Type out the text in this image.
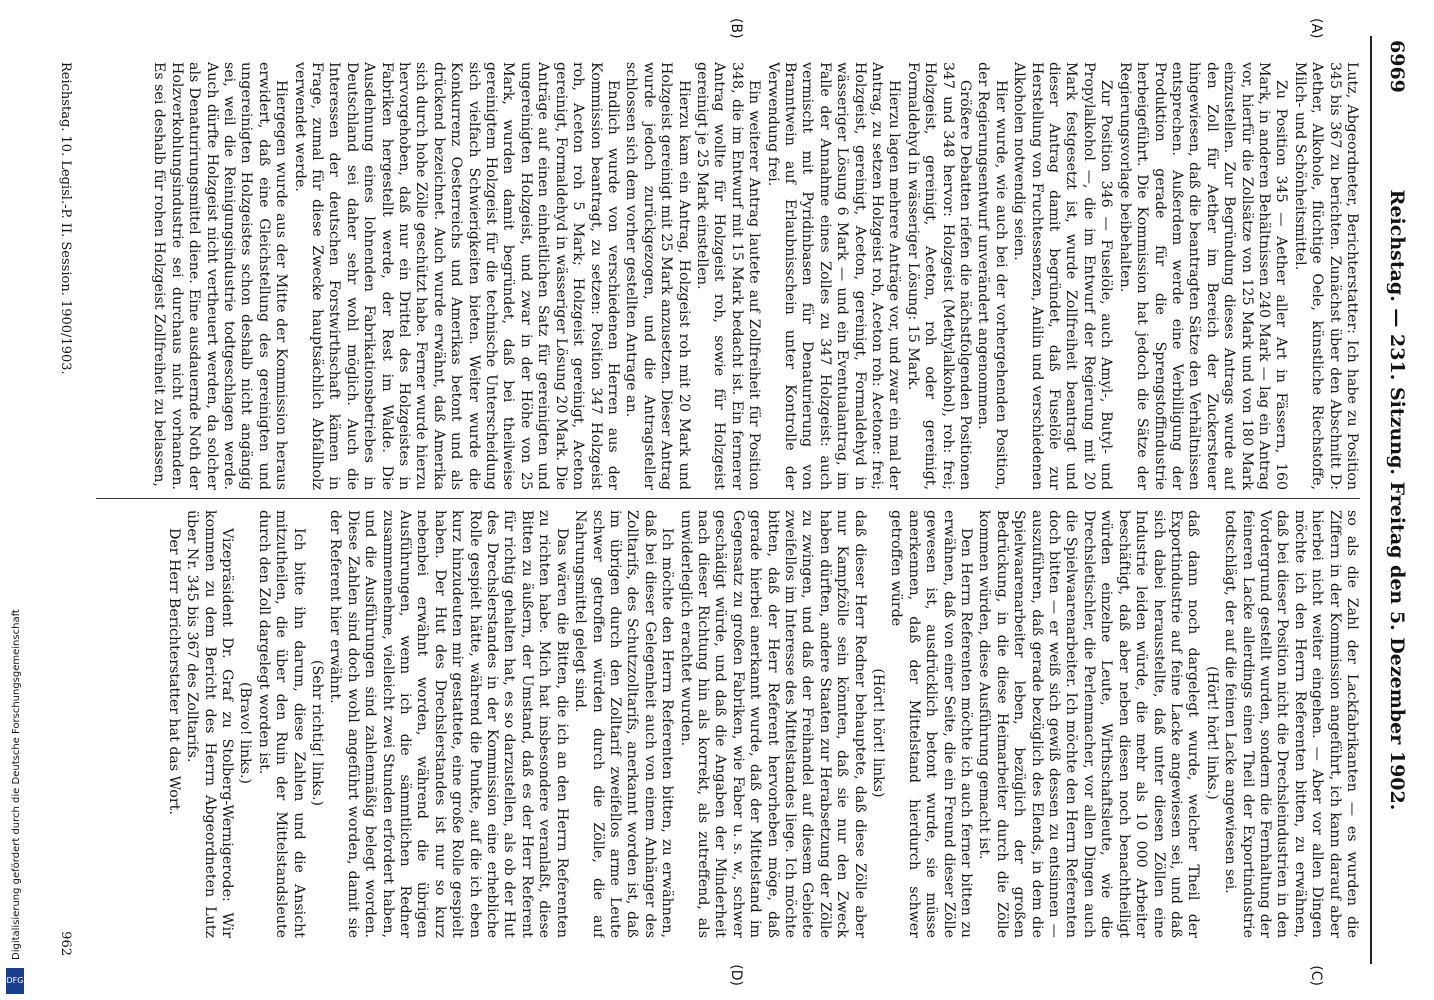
DFG
Digitalisierung gefördert durch die Deutsche Forschungsgemeinschaft
6969
Reichstag. — 231. Sitzung. Freitag den 5. Dezember 1902.
(A)
(B)
(C)
(D)

Lutz, Abgeordneter, Berichterstatter: Ich habe zu Position 345 bis 367 zu berichten. Zunächst über den Abschnitt D: Aether, Alkohole, flüchtige Oele, künstliche Riechstoffe, Milch- und Schönheitsmittel.

Zu Position 345 — Aether aller Art in Fässern, 160 Mark, in anderen Behältnissen 240 Mark — lag ein Antrag vor, hierfür die Zollsätze von 125 Mark und von 180 Mark einzustellen. Zur Begründung dieses Antrags wurde auf den Zoll für Aether im Bereich der Zuckersteuer hingewiesen, daß die beantragten Sätze den Verhältnissen entsprechen. Außerdem werde eine Verbilligung der Produktion gerade für die Sprengstoffindustrie herbeigeführt. Die Kommission hat jedoch die Sätze der Regierungsvorlage beibehalten.

Zur Position 346 — Fuselöle, auch Amyl-, Butyl- und Propylalkohol —, die im Entwurf der Regierung mit 20 Mark festgesetzt ist, wurde Zollfreiheit beantragt und dieser Antrag damit begründet, daß Fuselöle zur Herstellung von Fruchtessenzen, Anilin und verschiedenen Alkoholen notwendig seien.

Hier wurde, wie auch bei der vorhergehenden Position, der Regierungsentwurf unverändert angenommen.

Größere Debatten riefen die nächstfolgenden Positionen 347 und 348 hervor: Holzgeist (Methylalkohol), roh: frei; Holzgeist, gereinigt, Aceton, roh oder gereinigt, Formaldehyd in wässeriger Lösung: 15 Mark.

Hierzu lagen mehrere Anträge vor, und zwar ein mal der Antrag, zu setzen Holzgeist roh, Aceton roh: Acetone: frei; Holzgeist, gereinigt, Aceton, gereinigt, Formaldehyd in wässeriger Lösung 6 Mark — und ein Eventualantrag, im Falle der Annahme eines Zolles zu 347 Holzgeist: auch vermischt mit Pyridinbasen für Denaturierung von Branntwein auf Erlaubnisschein unter Kontrolle der Verwendung frei.

Ein weiterer Antrag lautete auf Zollfreiheit für Position 348, die im Entwurf mit 15 Mark bedacht ist. Ein fernerer Antrag wollte für Holzgeist roh, sowie für Holzgeist gereinigt je 25 Mark einstellen.

Hierzu kam ein Antrag, Holzgeist roh mit 20 Mark und Holzgeist gereinigt mit 25 Mark anzusetzen. Dieser Antrag wurde jedoch zurückgezogen, und die Antragsteller schlossen sich dem vorher gestellten Antrage an.

Endlich wurde von verschiedenen Herren aus der Kommission beantragt, zu setzen: Position 347 Holzgeist roh, Aceton roh 5 Mark; Holzgeist gereinigt, Aceton gereinigt, Formaldehyd in wässeriger Lösung 20 Mark. Die Anträge auf einen einheitlichen Satz für gereinigten und ungereinigten Holzgeist, und zwar in der Höhe von 25 Mark, wurden damit begründet, daß bei theilweise gereinigtem Holzgeist für die technische Unterscheidung sich vielfach Schwierigkeiten bieten. Weiter wurde die Konkurrenz Oesterreichs und Amerikas betont und als drückend bezeichnet. Auch wurde erwähnt, daß Amerika sich durch hohe Zölle geschützt habe. Ferner wurde hierzu hervorgehoben, daß nur ein Drittel des Holzgeistes in Fabriken hergestellt werde, der Rest im Walde. Die Ausdehnung eines lohnenden Fabrikationsbetriebes in Deutschland sei daher sehr wohl möglich. Auch die Interessen der deutschen Forstwirthschaft kämen in Frage, zumal für diese Zwecke hauptsächlich Abfallholz verwendet werde.

Hiergegen wurde aus der Mitte der Kommission heraus erwidert, daß eine Gleichstellung des gereinigten und ungereinigten Holzgeistes schon deshalb nicht angängig sei, weil die Reinigungsindustrie todtgeschlagen werde. Auch dürfte Holzgeist nicht vertheuert werden, da solcher als Denaturirungsmittel diene. Eine ausdauernde Noth der Holzverkohlungsindustrie sei durchaus nicht vorhanden. Es sei deshalb für rohen Holzgeist Zollfreiheit zu belassen,

so als die Zahl der Lackfabrikanten — es wurden die Ziffern in der Kommission angeführt, ich kann darauf aber hierbei nicht weiter eingehen. — Aber vor allen Dingen möchte ich den Herrn Referenten bitten, zu erwähnen, daß bei dieser Position nicht die Drechsleindustrien in den Vordergrund gestellt wurden, sondern die Fernhaltung der feineren Lacke allerdings einen Theil der Exportindustrie todtschlägt, der auf die feinen Lacke angewiesen sei.

(Hört! hört! links.)

daß dann noch dargelegt wurde, welcher Theil der Exportindustrie auf feine Lacke angewiesen sei, und daß sich dabei herausstellte, daß unter diesen Zöllen eine Industrie leiden würde, die mehr als 10 000 Arbeiter beschäftigt, daß aber neben diesen noch benachtheiligt würden einzelne Leute, Wirthschaftsleute, wie die Drechsletischler, die Perlenmacher, vor allen Dingen auch die Spielwaarenarbeiter. Ich möchte den Herrn Referenten doch bitten — er weiß sich gewiß dessen zu entsinnen — auszuführen, daß gerade bezüglich des Elends, in dem die Spielwaarenarbeiter leben, bezüglich der großen Bedrückung, in die diese Heimarbeiter durch die Zölle kommen würden, diese Ausführung gemacht ist.

Den Herrn Referenten möchte ich auch ferner bitten zu erwähnen, daß von einer Seite, die ein Freund dieser Zölle gewesen ist, ausdrücklich betont wurde, sie müsse anerkennen, daß der Mittelstand hierdurch schwer getroffen würde

(Hört! hört! links)

daß dieser Herr Redner behauptete, daß diese Zölle aber nur Kampfzölle sein könnten, daß sie nur den Zweck haben dürften, andere Staaten zur Herabsetzung der Zölle zu zwingen, und daß der Freihandel auf diesem Gebiete zweifellos im Interesse des Mittelstandes liege. Ich möchte bitten, daß der Herr Referent hervorheben möge, daß gerade hierbei anerkannt wurde, daß der Mittelstand im Gegensatz zu großen Fabriken, wie Faber u. s. w., schwer geschädigt würde, und daß die Angaben der Minderheit nach dieser Richtung hin als korrekt, als zutreffend, als unwiderleglich erachtet wurden.

Ich möchte den Herrn Referenten bitten, zu erwähnen, daß bei dieser Gelegenheit auch von einem Anhänger des Zolltarifs, des Schutzzolltarifs, anerkannt worden ist, daß im übrigen durch den Zolltarif zweifellos arme Leute schwer getroffen würden durch die Zölle, die auf Nahrungsmittel gelegt sind.

Das wären die Bitten, die ich an den Herrn Referenten zu richten habe. Mich hat insbesondere veranlaßt, diese Bitten zu äußern, der Umstand, daß es der Herr Referent für richtig gehalten hat, es so darzustellen, als ob der Hut des Drechslerstandes in der Kommission eine erhebliche Rolle gespielt hätte, während die Punkte, auf die ich eben kurz hinzudeuten mir gestattete, eine große Rolle gespielt haben. Der Hut des Drechslerstandes ist nur so kurz nebenbei erwähnt worden, während die übrigen Ausführungen, wenn ich die sämmtlichen Redner zusammennehme, vielleicht zwei Stunden erfordert haben, und die Ausführungen sind zahlenmäßig belegt worden. Diese Zahlen sind doch wohl angeführt worden, damit sie der Referent hier erwähnt.

(Sehr richtig! links.)

Ich bitte ihn darum, diese Zahlen und die Ansicht mitzutheilen, die über den Ruin der Mittelstandsleute durch den Zoll dargelegt worden ist.

(Bravo! links.)

Vizepräsident Dr. Graf zu Stolberg-Wernigerode: Wir kommen zu dem Bericht des Herrn Abgeordneten Lutz über Nr. 345 bis 367 des Zolltarifs.

Der Herr Berichterstatter hat das Wort.

Reichstag. 10. Legisl.-P. II. Session. 1900/1903.
962
